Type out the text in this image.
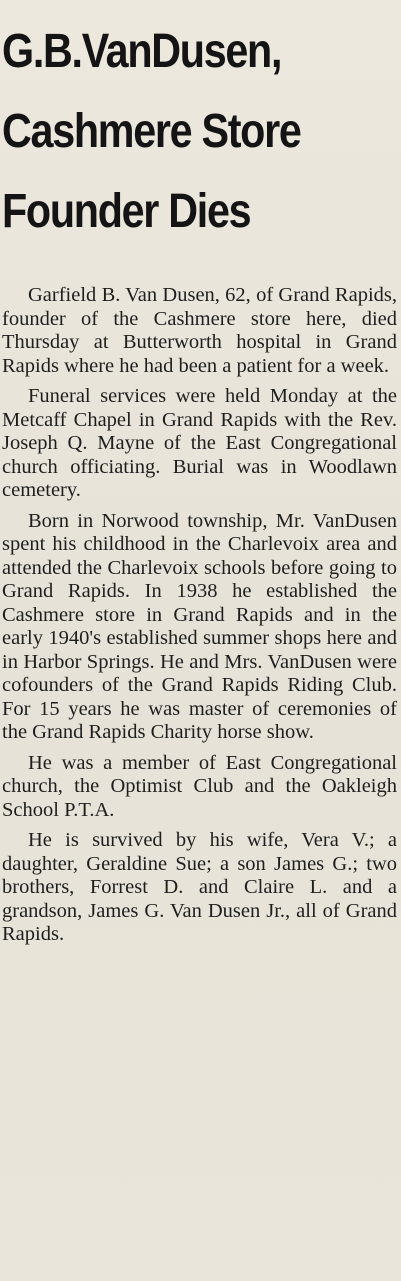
G.B.VanDusen,
Cashmere Store
Founder Dies

Garfield B. Van Dusen, 62, of Grand Rapids, founder of the Cashmere store here, died Thursday at Butterworth hospital in Grand Rapids where he had been a patient for a week.

Funeral services were held Monday at the Metcaff Chapel in Grand Rapids with the Rev. Joseph Q. Mayne of the East Congregational church officiating. Burial was in Woodlawn cemetery.

Born in Norwood township, Mr. VanDusen spent his childhood in the Charlevoix area and attended the Charlevoix schools before going to Grand Rapids. In 1938 he established the Cashmere store in Grand Rapids and in the early 1940's established summer shops here and in Harbor Springs. He and Mrs. VanDusen were cofounders of the Grand Rapids Riding Club. For 15 years he was master of ceremonies of the Grand Rapids Charity horse show.

He was a member of East Congregational church, the Optimist Club and the Oakleigh School P.T.A.

He is survived by his wife, Vera V.; a daughter, Geraldine Sue; a son James G.; two brothers, Forrest D. and Claire L. and a grandson, James G. Van Dusen Jr., all of Grand Rapids.
